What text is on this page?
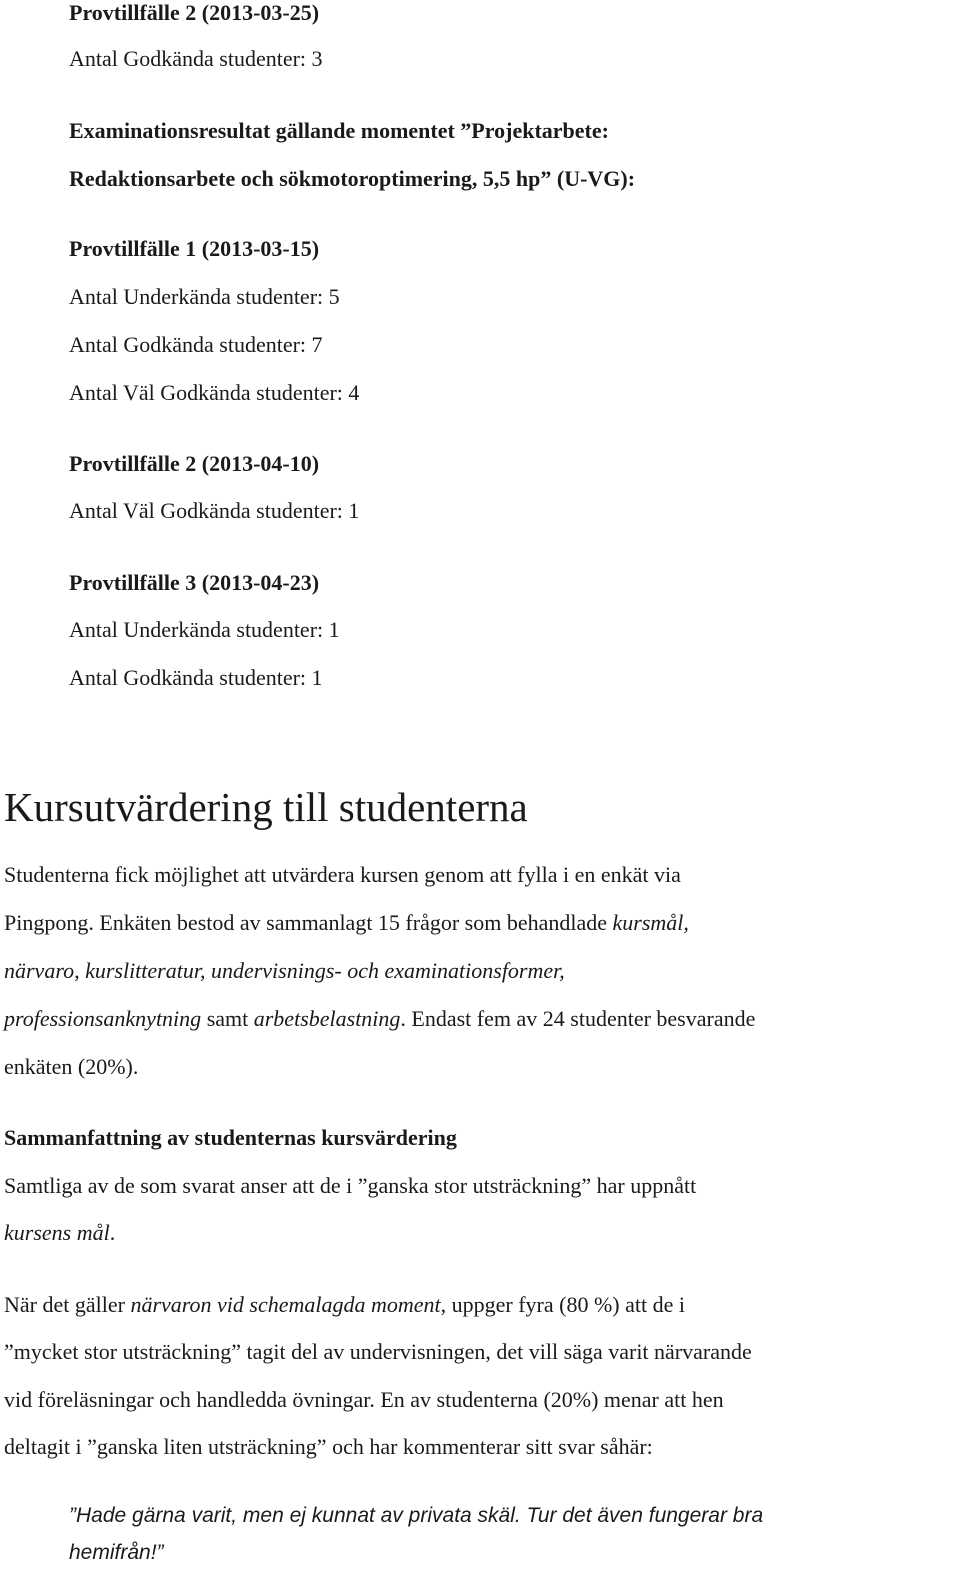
Provtillfälle 2 (2013-03-25)
Antal Godkända studenter: 3
Examinationsresultat gällande momentet ”Projektarbete:
Redaktionsarbete och sökmotoroptimering, 5,5 hp” (U-VG):
Provtillfälle 1 (2013-03-15)
Antal Underkända studenter: 5
Antal Godkända studenter: 7
Antal Väl Godkända studenter: 4
Provtillfälle 2 (2013-04-10)
Antal Väl Godkända studenter: 1
Provtillfälle 3 (2013-04-23)
Antal Underkända studenter: 1
Antal Godkända studenter: 1
Kursutvärdering till studenterna
Studenterna fick möjlighet att utvärdera kursen genom att fylla i en enkät via
Pingpong. Enkäten bestod av sammanlagt 15 frågor som behandlade kursmål,
närvaro, kurslitteratur, undervisnings- och examinationsformer,
professionsanknytning samt arbetsbelastning. Endast fem av 24 studenter besvarande
enkäten (20%).
Sammanfattning av studenternas kursvärdering
Samtliga av de som svarat anser att de i ”ganska stor utsträckning” har uppnått
kursens mål.
När det gäller närvaron vid schemalagda moment, uppger fyra (80 %) att de i
”mycket stor utsträckning” tagit del av undervisningen, det vill säga varit närvarande
vid föreläsningar och handledda övningar. En av studenterna (20%) menar att hen
deltagit i ”ganska liten utsträckning” och har kommenterar sitt svar såhär:
”Hade gärna varit, men ej kunnat av privata skäl. Tur det även fungerar bra
hemifrån!”
